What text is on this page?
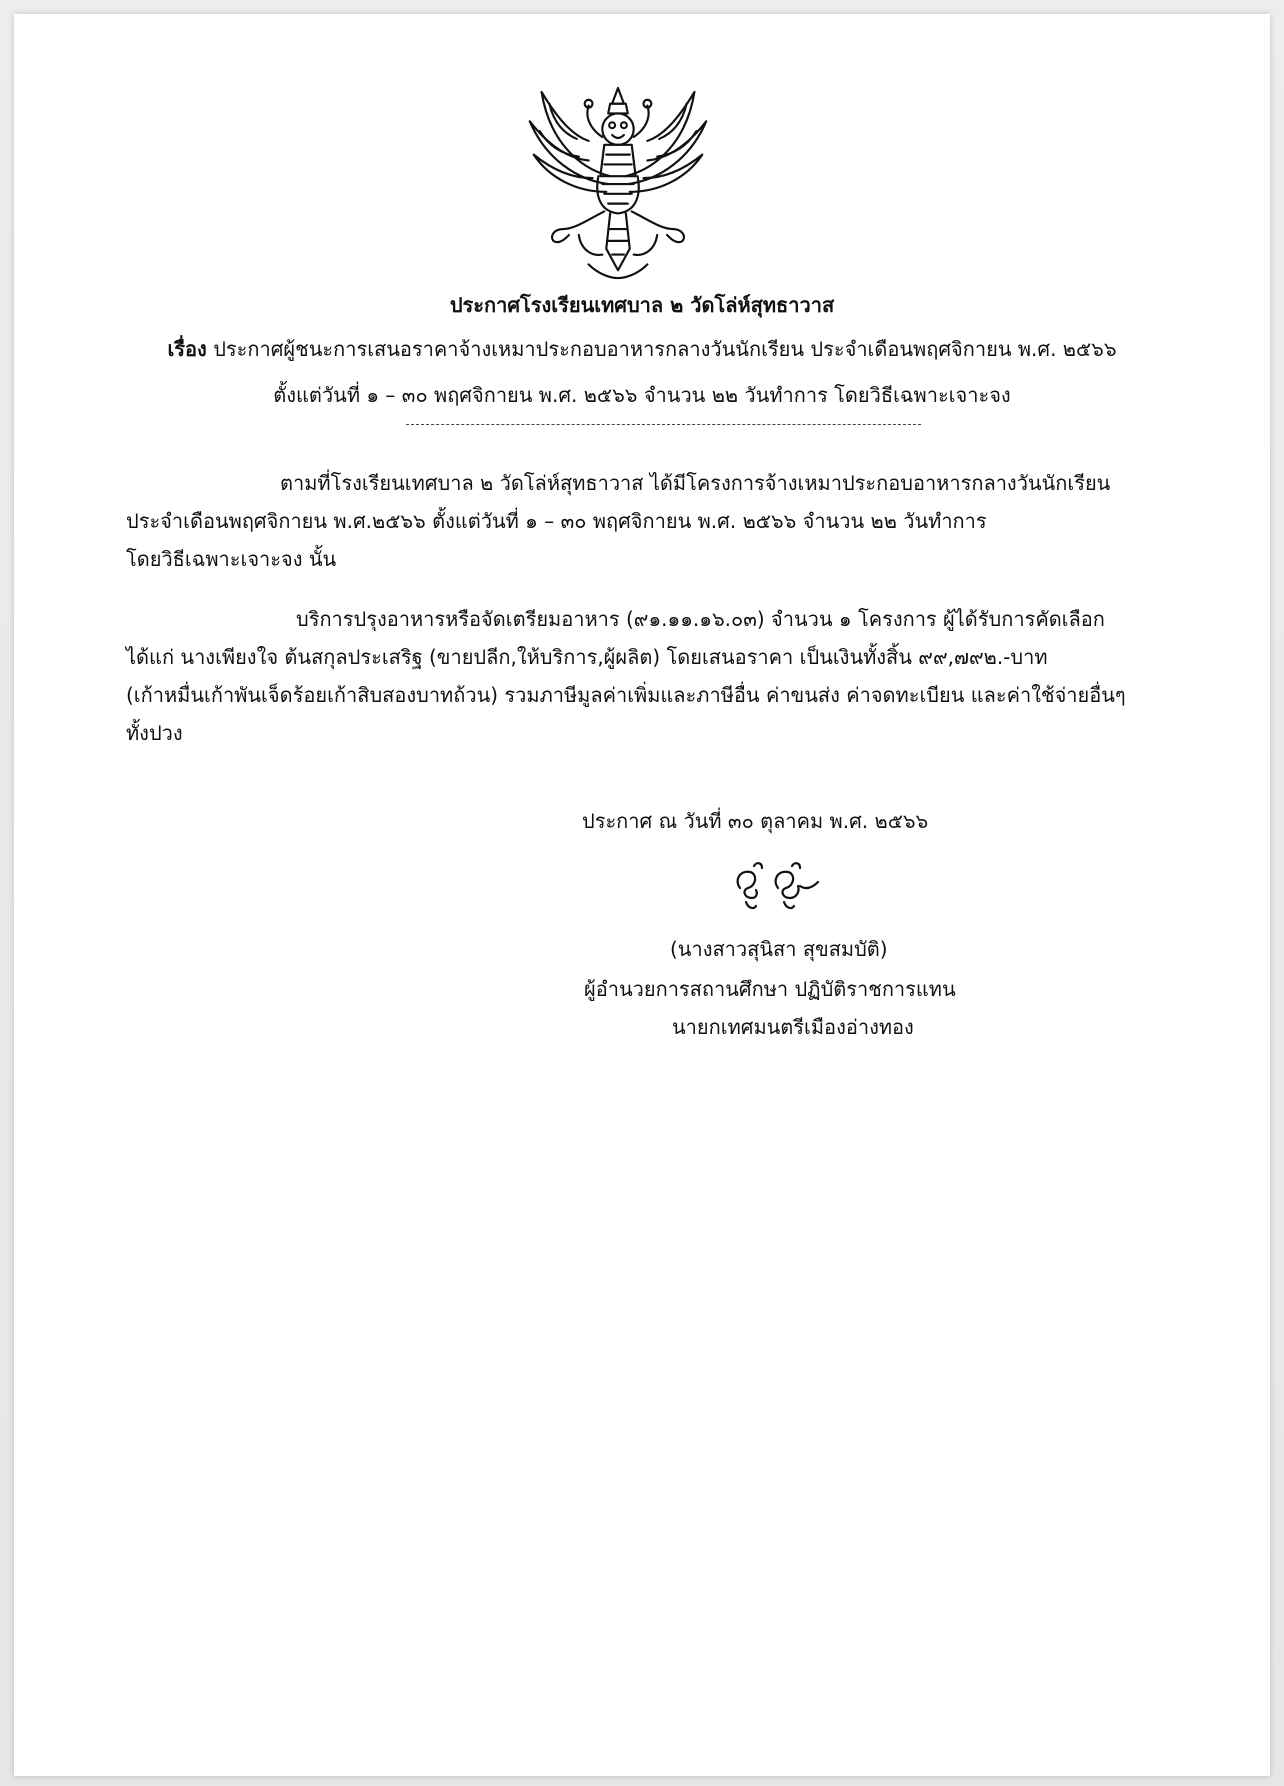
ประกาศโรงเรียนเทศบาล ๒ วัดโล่ห์สุทธาวาส
เรื่อง ประกาศผู้ชนะการเสนอราคาจ้างเหมาประกอบอาหารกลางวันนักเรียน ประจำเดือนพฤศจิกายน พ.ศ. ๒๕๖๖
ตั้งแต่วันที่ ๑ – ๓๐ พฤศจิกายน พ.ศ. ๒๕๖๖ จำนวน ๒๒ วันทำการ โดยวิธีเฉพาะเจาะจง
ตามที่โรงเรียนเทศบาล ๒ วัดโล่ห์สุทธาวาส ได้มีโครงการจ้างเหมาประกอบอาหารกลางวันนักเรียน
ประจำเดือนพฤศจิกายน พ.ศ.๒๕๖๖ ตั้งแต่วันที่ ๑ – ๓๐ พฤศจิกายน พ.ศ. ๒๕๖๖ จำนวน ๒๒ วันทำการ
โดยวิธีเฉพาะเจาะจง นั้น
บริการปรุงอาหารหรือจัดเตรียมอาหาร (๙๑.๑๑.๑๖.๐๓) จำนวน ๑ โครงการ ผู้ได้รับการคัดเลือก
ได้แก่ นางเพียงใจ ต้นสกุลประเสริฐ (ขายปลีก,ให้บริการ,ผู้ผลิต) โดยเสนอราคา เป็นเงินทั้งสิ้น ๙๙,๗๙๒.-บาท
(เก้าหมื่นเก้าพันเจ็ดร้อยเก้าสิบสองบาทถ้วน) รวมภาษีมูลค่าเพิ่มและภาษีอื่น ค่าขนส่ง ค่าจดทะเบียน และค่าใช้จ่ายอื่นๆ
ทั้งปวง
ประกาศ ณ วันที่ ๓๐ ตุลาคม พ.ศ. ๒๕๖๖
(นางสาวสุนิสา สุขสมบัติ)
ผู้อำนวยการสถานศึกษา ปฏิบัติราชการแทน
นายกเทศมนตรีเมืองอ่างทอง
